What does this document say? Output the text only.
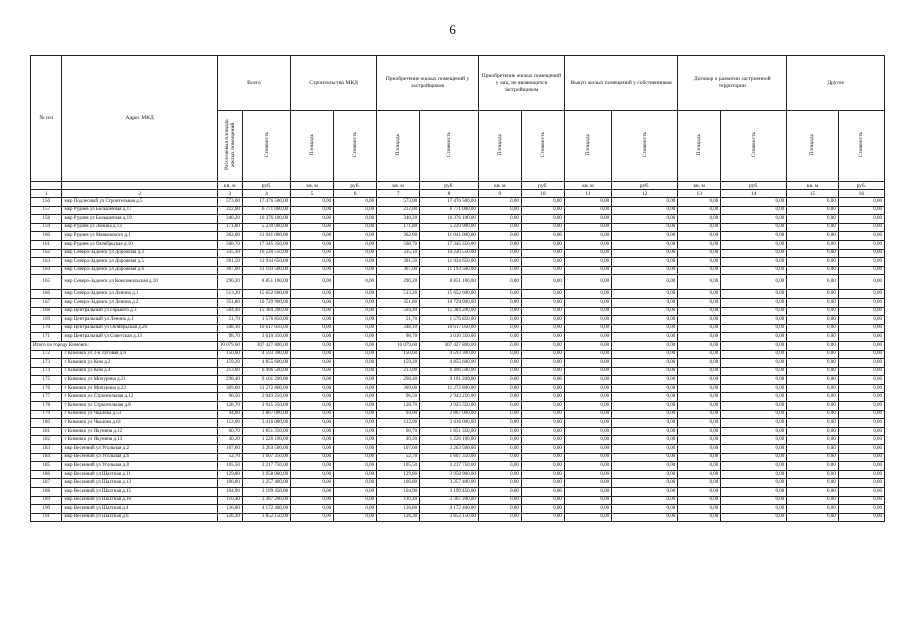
6
№ п/п	Адрес МКД	Всего		Строительство МКД		Приобретение жилых помещений у застройщиков		Приобретение жилых помещений у лиц, не являющихся застройщиком		Выкуп жилых помещений у собственников		Договор о развитии застроенной территории		Другое	
		Расселяемая площадь жилых помещений	Стоимость	Площадь	Стоимость	Площадь	Стоимость	Площадь	Стоимость	Площадь	Стоимость	Площадь	Стоимость	Площадь	Стоимость
		кв. м	руб.	кв. м	руб.	кв. м	руб.	кв. м	руб.	кв. м	руб.	кв. м	руб.	кв. м	руб.
1	2	3	4	5	6	7	8	9	10	11	12	13	14	15	16
156	мкр Подлесный ул Строительная д.5	573,00	17 476 500,00	0,00	0,00	573,00	17 476 500,00	0,00	0,00	0,00	0,00	0,00	0,00	0,00	0,00
157	мкр Руднев ул Большечная д.17	222,00	6 771 000,00	0,00	0,00	222,00	6 771 000,00	0,00	0,00	0,00	0,00	0,00	0,00	0,00	0,00
158	мкр Руднев ул Большечная д.19	340,20	10 376 100,00	0,00	0,00	340,20	10 376 100,00	0,00	0,00	0,00	0,00	0,00	0,00	0,00	0,00
159	мкр Руднев ул Ленина д.13	171,80	5 239 900,00	0,00	0,00	171,80	5 239 900,00	0,00	0,00	0,00	0,00	0,00	0,00	0,00	0,00
160	мкр Руднев ул Маяковского д.1	362,00	11 041 000,00	0,00	0,00	362,00	11 041 000,00	0,00	0,00	0,00	0,00	0,00	0,00	0,00	0,00
161	мкр Руднев ул Октябрьская д.10	568,70	17 345 350,00	0,00	0,00	568,70	17 345 350,00	0,00	0,00	0,00	0,00	0,00	0,00	0,00	0,00
162	мкр Северо-Задонск ул Дорожная д.3	335,10	10 220 550,00	0,00	0,00	335,10	10 220 550,00	0,00	0,00	0,00	0,00	0,00	0,00	0,00	0,00
163	мкр Северо-Задонск ул Дорожная д.5	391,50	11 934 650,00	0,00	0,00	391,50	11 934 650,00	0,00	0,00	0,00	0,00	0,00	0,00	0,00	0,00
164	мкр Северо-Задонск ул Дорожная д.6	367,00	11 193 500,00	0,00	0,00	367,00	11 193 500,00	0,00	0,00	0,00	0,00	0,00	0,00	0,00	0,00
165	мкр Северо-Задонск ул Комсомольская д.10	290,20	8 851 100,00	0,00	0,00	290,20	8 851 100,00	0,00	0,00	0,00	0,00	0,00	0,00	0,00	0,00
166	мкр Северо-Задонск ул Ленина д.1	513,20	15 652 600,00	0,00	0,00	513,20	15 652 600,00	0,00	0,00	0,00	0,00	0,00	0,00	0,00	0,00
167	мкр Северо-Задонск ул Ленина д.2	351,80	10 729 900,00	0,00	0,00	351,80	10 729 900,00	0,00	0,00	0,00	0,00	0,00	0,00	0,00	0,00
168	мкр Центральный ул Горького д.3	504,40	15 384 200,00	0,00	0,00	504,40	15 384 200,00	0,00	0,00	0,00	0,00	0,00	0,00	0,00	0,00
169	мкр Центральный ул Ленина д.1	51,70	1 576 850,00	0,00	0,00	51,70	1 576 850,00	0,00	0,00	0,00	0,00	0,00	0,00	0,00	0,00
170	мкр Центральный ул Октябрьская д.26	348,10	10 617 050,00	0,00	0,00	348,10	10 617 050,00	0,00	0,00	0,00	0,00	0,00	0,00	0,00	0,00
171	мкр Центральный ул Советская д.13	98,70	3 010 350,00	0,00	0,00	98,70	3 010 350,00	0,00	0,00	0,00	0,00	0,00	0,00	0,00	0,00
Итого по городу Кимовск:		10 079,60	307 427 800,00	0,00	0,00	10 079,60	307 427 800,00	0,00	0,00	0,00	0,00	0,00	0,00	0,00	0,00
172	г Кимовск ул 2-я Луговая д.6	150,60	4 593 300,00	0,00	0,00	150,60	4 593 300,00	0,00	0,00	0,00	0,00	0,00	0,00	0,00	0,00
173	г Кимовск ул Ким д.2	159,20	4 855 600,00	0,00	0,00	159,20	4 855 600,00	0,00	0,00	0,00	0,00	0,00	0,00	0,00	0,00
174	г Кимовск ул Ким д.4	213,00	6 496 500,00	0,00	0,00	213,00	6 496 500,00	0,00	0,00	0,00	0,00	0,00	0,00	0,00	0,00
175	г Кимовск ул Мичурина д.21	298,40	9 101 200,00	0,00	0,00	298,40	9 101 200,00	0,00	0,00	0,00	0,00	0,00	0,00	0,00	0,00
176	г Кимовск ул Мичурина д.22	369,60	11 272 800,00	0,00	0,00	369,60	11 272 800,00	0,00	0,00	0,00	0,00	0,00	0,00	0,00	0,00
177	г Кимовск ул Строительная д.12	96,50	2 943 250,00	0,00	0,00	96,50	2 943 250,00	0,00	0,00	0,00	0,00	0,00	0,00	0,00	0,00
178	г Кимовск ул Строительная д.8	128,70	3 925 350,00	0,00	0,00	128,70	3 925 350,00	0,00	0,00	0,00	0,00	0,00	0,00	0,00	0,00
179	г Кимовск ул Чкалова д.53	94,00	2 867 000,00	0,00	0,00	94,00	2 867 000,00	0,00	0,00	0,00	0,00	0,00	0,00	0,00	0,00
180	г Кимовск ул Чкалова д.61	112,00	3 416 000,00	0,00	0,00	112,00	3 416 000,00	0,00	0,00	0,00	0,00	0,00	0,00	0,00	0,00
181	г Кимовск ул Якунина д.12	60,70	1 851 350,00	0,00	0,00	60,70	1 851 350,00	0,00	0,00	0,00	0,00	0,00	0,00	0,00	0,00
182	г Кимовск ул Якунина д.13	40,20	1 226 100,00	0,00	0,00	40,20	1 226 100,00	0,00	0,00	0,00	0,00	0,00	0,00	0,00	0,00
183	мкр Весенний ул Угольная д.2	107,00	3 263 500,00	0,00	0,00	107,00	3 263 500,00	0,00	0,00	0,00	0,00	0,00	0,00	0,00	0,00
184	мкр Весенний ул Угольная д.6	52,70	1 607 350,00	0,00	0,00	52,70	1 607 350,00	0,00	0,00	0,00	0,00	0,00	0,00	0,00	0,00
185	мкр Весенний ул Угольная д.8	105,50	3 217 750,00	0,00	0,00	105,50	3 217 750,00	0,00	0,00	0,00	0,00	0,00	0,00	0,00	0,00
186	мкр Весенний ул Шахтная д.11	129,80	3 958 900,00	0,00	0,00	129,80	3 958 900,00	0,00	0,00	0,00	0,00	0,00	0,00	0,00	0,00
187	мкр Весенний ул Шахтная д.13	106,80	3 257 400,00	0,00	0,00	106,80	3 257 400,00	0,00	0,00	0,00	0,00	0,00	0,00	0,00	0,00
188	мкр Весенний ул Шахтная д.15	104,90	3 199 450,00	0,00	0,00	104,90	3 199 450,00	0,00	0,00	0,00	0,00	0,00	0,00	0,00	0,00
189	мкр Весенний ул Шахтная д.16	110,40	3 367 200,00	0,00	0,00	110,40	3 367 200,00	0,00	0,00	0,00	0,00	0,00	0,00	0,00	0,00
190	мкр Весенний ул Шахтная д.4	136,80	4 172 400,00	0,00	0,00	136,80	4 172 400,00	0,00	0,00	0,00	0,00	0,00	0,00	0,00	0,00
191	мкр Весенний ул Шахтная д.6	126,30	3 852 150,00	0,00	0,00	126,30	3 852 150,00	0,00	0,00	0,00	0,00	0,00	0,00	0,00	0,00
